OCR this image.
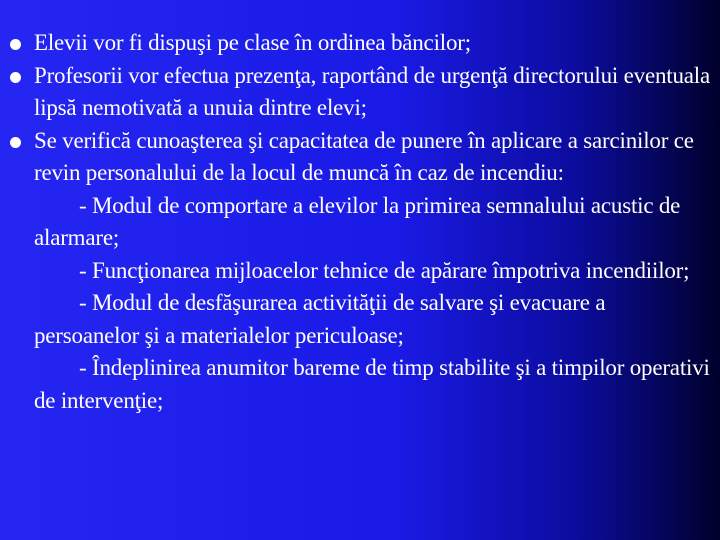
Elevii vor fi dispuşi pe clase în ordinea băncilor;
Profesorii vor efectua prezenţa, raportând de urgenţă directorului eventuala lipsă nemotivată a unuia dintre elevi;
Se verifică cunoaşterea şi capacitatea de punere în aplicare a sarcinilor ce revin personalului de la locul de muncă în caz de incendiu:
- Modul de comportare a elevilor la primirea semnalului acustic de alarmare;
- Funcţionarea mijloacelor tehnice de apărare împotriva incendiilor;
- Modul de desfăşurarea activităţii de salvare şi evacuare a persoanelor şi a materialelor periculoase;
- Îndeplinirea anumitor bareme de timp stabilite şi a timpilor operativi de intervenţie;
